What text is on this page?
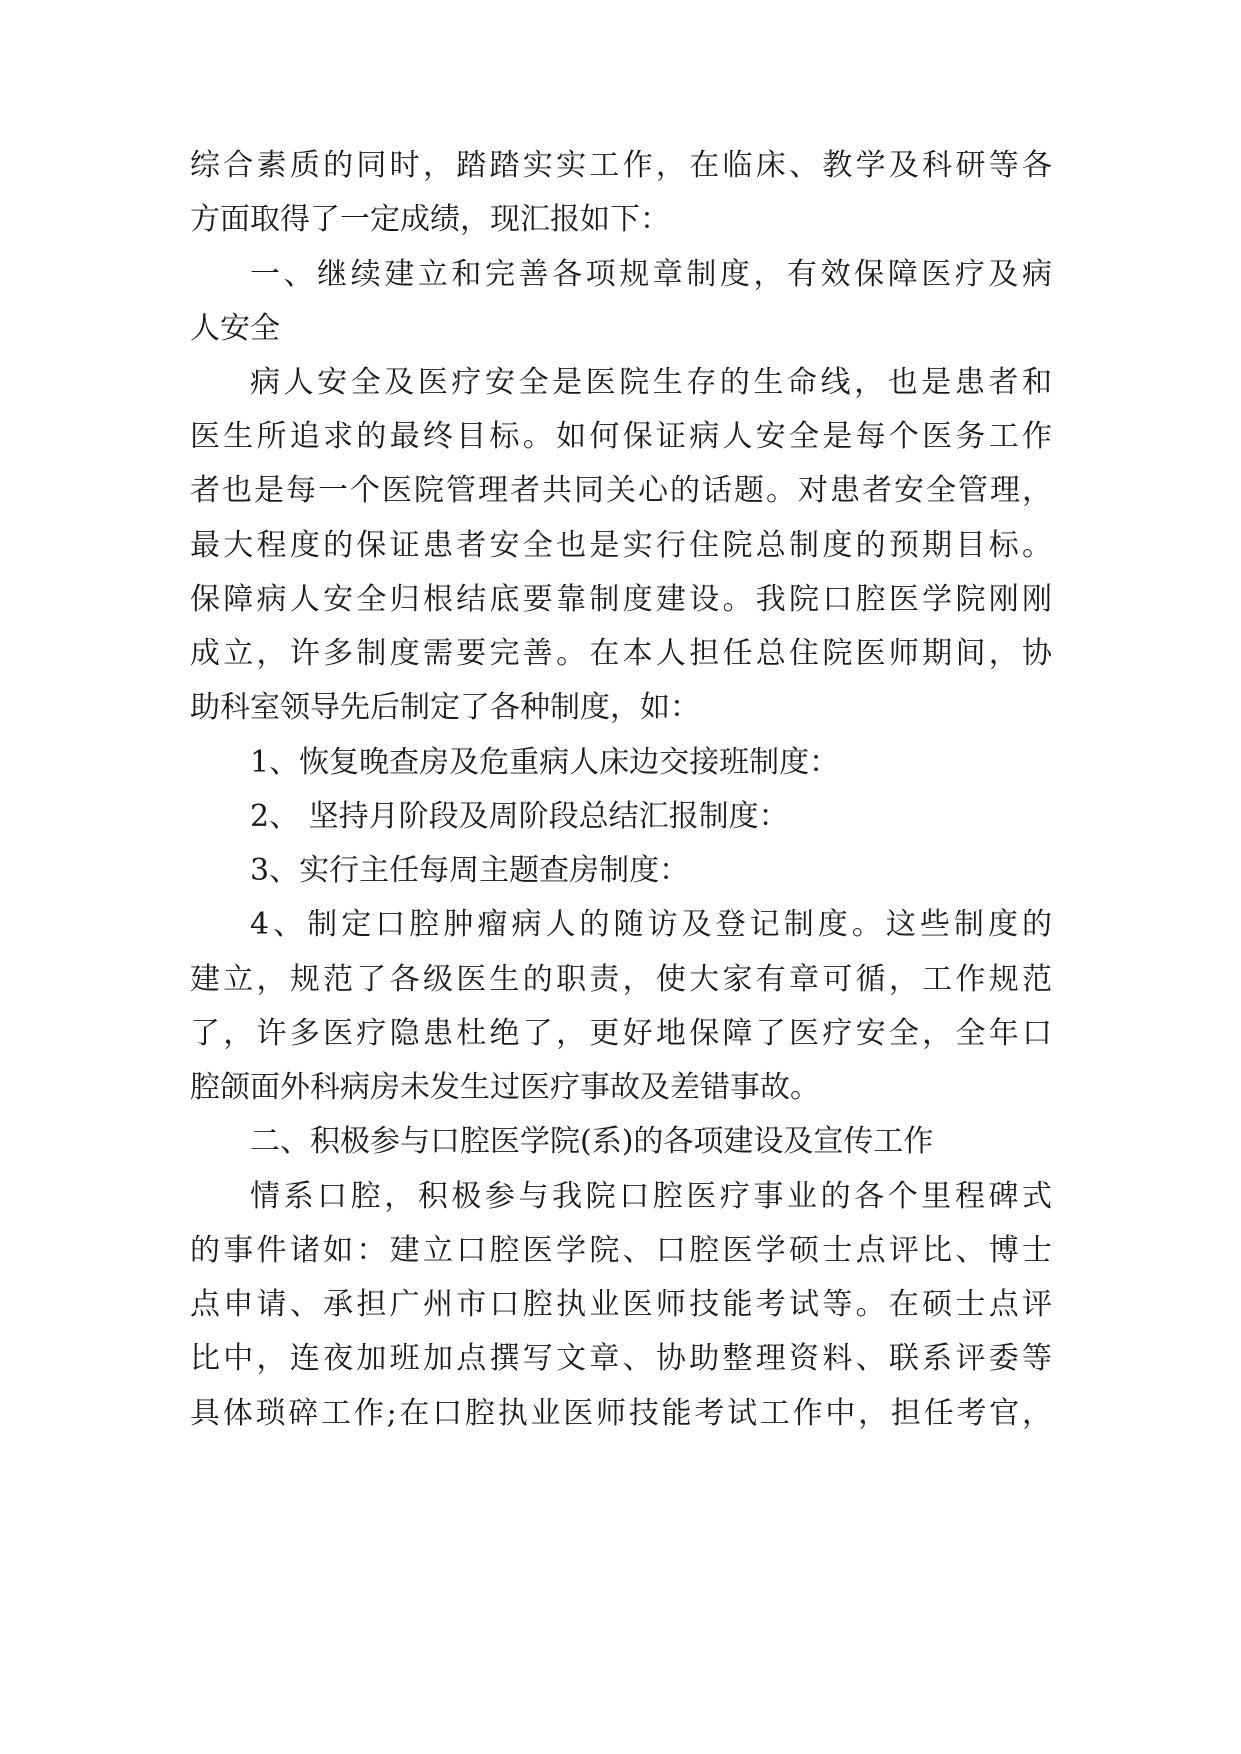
综合素质的同时，踏踏实实工作，在临床、教学及科研等各
方面取得了一定成绩，现汇报如下：
一、继续建立和完善各项规章制度，有效保障医疗及病
人安全
病人安全及医疗安全是医院生存的生命线，也是患者和
医生所追求的最终目标。如何保证病人安全是每个医务工作
者也是每一个医院管理者共同关心的话题。对患者安全管理，
最大程度的保证患者安全也是实行住院总制度的预期目标。
保障病人安全归根结底要靠制度建设。我院口腔医学院刚刚
成立，许多制度需要完善。在本人担任总住院医师期间，协
助科室领导先后制定了各种制度，如：
1、恢复晚查房及危重病人床边交接班制度：
2、 坚持月阶段及周阶段总结汇报制度：
3、实行主任每周主题查房制度：
4、制定口腔肿瘤病人的随访及登记制度。这些制度的
建立，规范了各级医生的职责，使大家有章可循，工作规范
了，许多医疗隐患杜绝了，更好地保障了医疗安全，全年口
腔颌面外科病房未发生过医疗事故及差错事故。
二、积极参与口腔医学院(系)的各项建设及宣传工作
情系口腔，积极参与我院口腔医疗事业的各个里程碑式
的事件诸如：建立口腔医学院、口腔医学硕士点评比、博士
点申请、承担广州市口腔执业医师技能考试等。在硕士点评
比中，连夜加班加点撰写文章、协助整理资料、联系评委等
具体琐碎工作;在口腔执业医师技能考试工作中，担任考官，
